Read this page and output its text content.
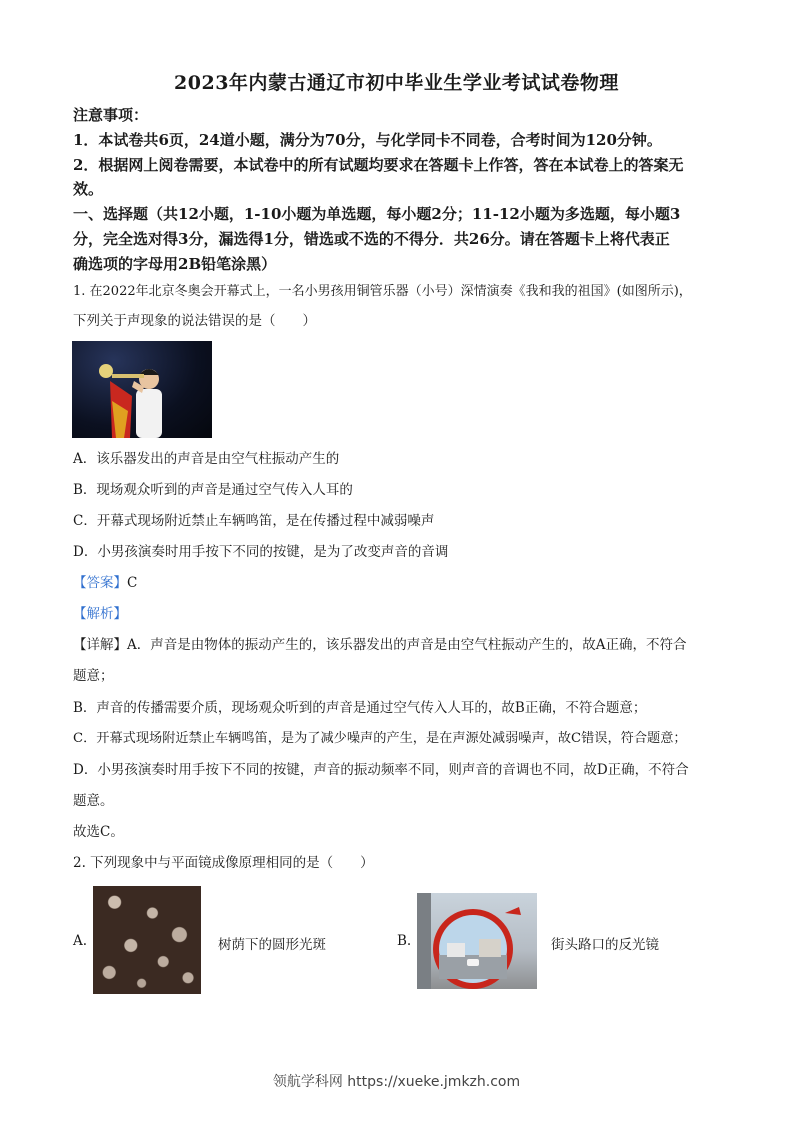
2023年内蒙古通辽市初中毕业生学业考试试卷物理
注意事项：
1．本试卷共6页，24道小题，满分为70分，与化学同卡不同卷，合考时间为120分钟。
2．根据网上阅卷需要，本试卷中的所有试题均要求在答题卡上作答，答在本试卷上的答案无
效。
一、选择题（共12小题，1-10小题为单选题，每小题2分；11-12小题为多选题，每小题3
分，完全选对得3分，漏选得1分，错选或不选的不得分．共26分。请在答题卡上将代表正
确选项的字母用2B铅笔涂黑）
1. 在2022年北京冬奥会开幕式上，一名小男孩用铜管乐器（小号）深情演奏《我和我的祖国》(如图所示)，
下列关于声现象的说法错误的是（　　）
A．该乐器发出的声音是由空气柱振动产生的
B．现场观众听到的声音是通过空气传入人耳的
C．开幕式现场附近禁止车辆鸣笛，是在传播过程中减弱噪声
D．小男孩演奏时用手按下不同的按键，是为了改变声音的音调
【答案】C
【解析】
【详解】A．声音是由物体的振动产生的，该乐器发出的声音是由空气柱振动产生的，故A正确，不符合
题意；
B．声音的传播需要介质，现场观众听到的声音是通过空气传入人耳的，故B正确，不符合题意；
C．开幕式现场附近禁止车辆鸣笛，是为了减少噪声的产生，是在声源处减弱噪声，故C错误，符合题意；
D．小男孩演奏时用手按下不同的按键，声音的振动频率不同，则声音的音调也不同，故D正确，不符合
题意。
故选C。
2. 下列现象中与平面镜成像原理相同的是（　　）
A.	树荫下的圆形光斑	B.	街头路口的反光镜
领航学科网 https://xueke.jmkzh.com
